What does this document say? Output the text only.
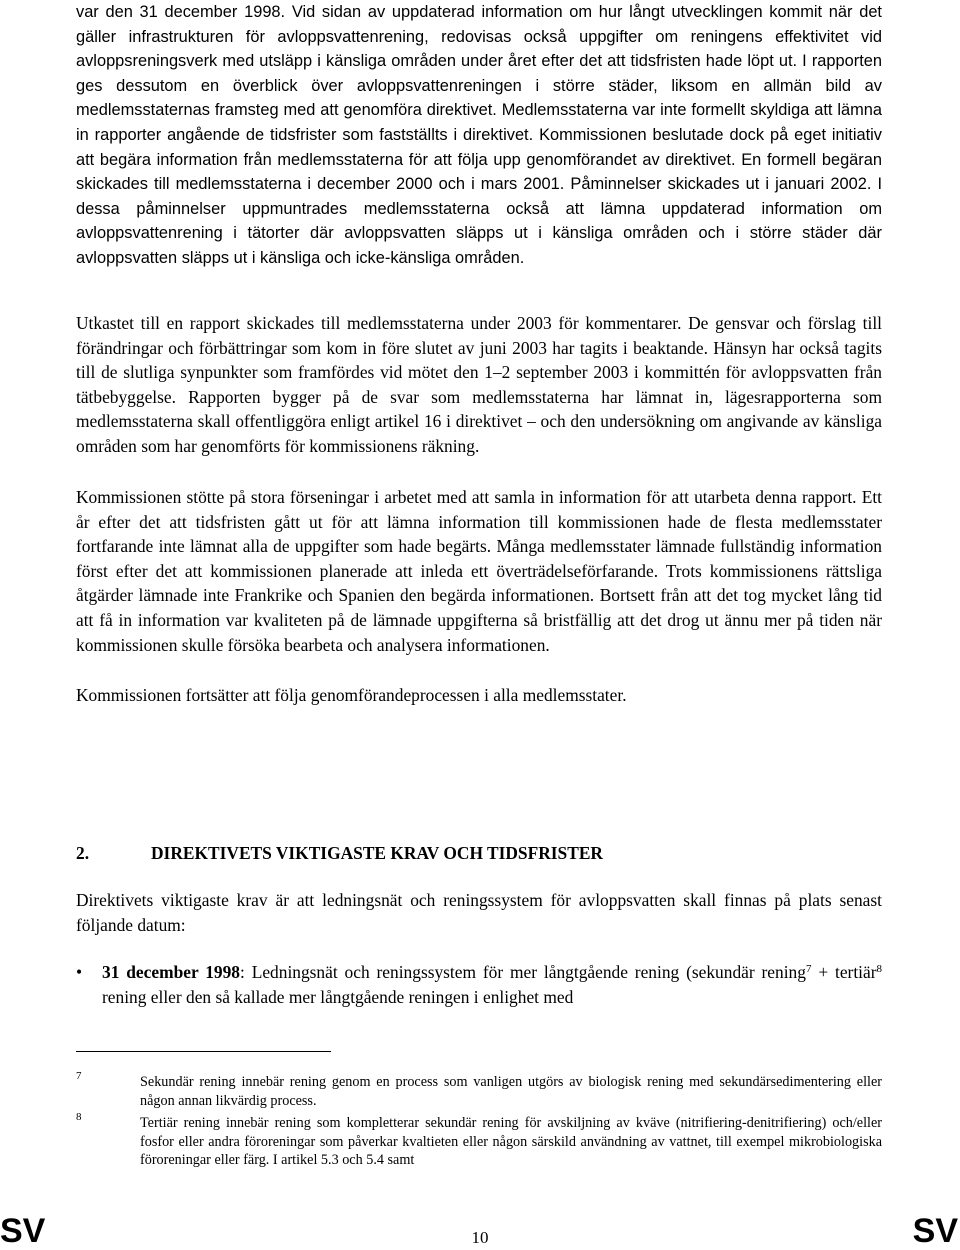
var den 31 december 1998. Vid sidan av uppdaterad information om hur långt utvecklingen kommit när det gäller infrastrukturen för avloppsvattenrening, redovisas också uppgifter om reningens effektivitet vid avloppsreningsverk med utsläpp i känsliga områden under året efter det att tidsfristen hade löpt ut. I rapporten ges dessutom en överblick över avloppsvattenreningen i större städer, liksom en allmän bild av medlemsstaternas framsteg med att genomföra direktivet. Medlemsstaterna var inte formellt skyldiga att lämna in rapporter angående de tidsfrister som fastställts i direktivet. Kommissionen beslutade dock på eget initiativ att begära information från medlemsstaterna för att följa upp genomförandet av direktivet. En formell begäran skickades till medlemsstaterna i december 2000 och i mars 2001. Påminnelser skickades ut i januari 2002. I dessa påminnelser uppmuntrades medlemsstaterna också att lämna uppdaterad information om avloppsvattenrening i tätorter där avloppsvatten släpps ut i känsliga områden och i större städer där avloppsvatten släpps ut i känsliga och icke-känsliga områden.

Utkastet till en rapport skickades till medlemsstaterna under 2003 för kommentarer. De gensvar och förslag till förändringar och förbättringar som kom in före slutet av juni 2003 har tagits i beaktande. Hänsyn har också tagits till de slutliga synpunkter som framfördes vid mötet den 1–2 september 2003 i kommittén för avloppsvatten från tätbebyggelse. Rapporten bygger på de svar som medlemsstaterna har lämnat in, lägesrapporterna som medlemsstaterna skall offentliggöra enligt artikel 16 i direktivet – och den undersökning om angivande av känsliga områden som har genomförts för kommissionens räkning.

Kommissionen stötte på stora förseningar i arbetet med att samla in information för att utarbeta denna rapport. Ett år efter det att tidsfristen gått ut för att lämna information till kommissionen hade de flesta medlemsstater fortfarande inte lämnat alla de uppgifter som hade begärts. Många medlemsstater lämnade fullständig information först efter det att kommissionen planerade att inleda ett överträdelseförfarande. Trots kommissionens rättsliga åtgärder lämnade inte Frankrike och Spanien den begärda informationen. Bortsett från att det tog mycket lång tid att få in information var kvaliteten på de lämnade uppgifterna så bristfällig att det drog ut ännu mer på tiden när kommissionen skulle försöka bearbeta och analysera informationen.

Kommissionen fortsätter att följa genomförandeprocessen i alla medlemsstater.

2.	DIREKTIVETS VIKTIGASTE KRAV OCH TIDSFRISTER

Direktivets viktigaste krav är att ledningsnät och reningssystem för avloppsvatten skall finnas på plats senast följande datum:

•	31 december 1998: Ledningsnät och reningssystem för mer långtgående rening (sekundär rening$^7$ + tertiär$^8$ rening eller den så kallade mer långtgående reningen i enlighet med
7	Sekundär rening innebär rening genom en process som vanligen utgörs av biologisk rening med sekundärsedimentering eller någon annan likvärdig process.
8	Tertiär rening innebär rening som kompletterar sekundär rening för avskiljning av kväve (nitrifiering-denitrifiering) och/eller fosfor eller andra föroreningar som påverkar kvaltieten eller någon särskild användning av vattnet, till exempel mikrobiologiska föroreningar eller färg. I artikel 5.3 och 5.4 samt
SV	10	SV
